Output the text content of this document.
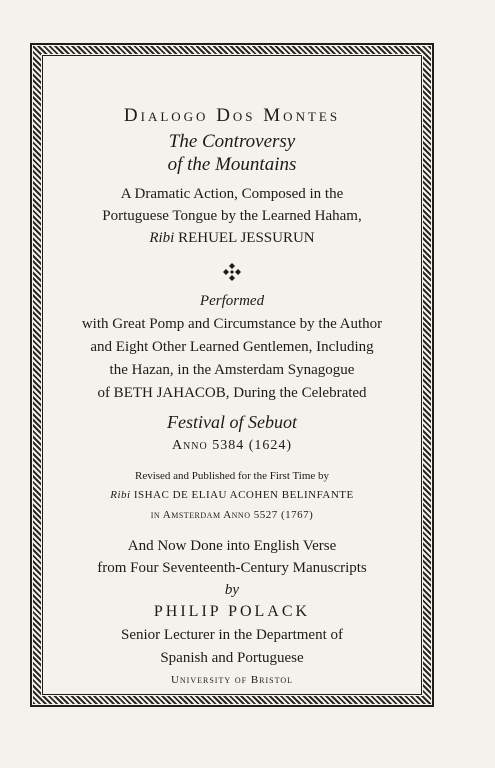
Dialogo Dos Montes
The Controversy
of the Mountains
A Dramatic Action, Composed in the
Portuguese Tongue by the Learned Haham,
Ribi REHUEL JESSURUN
Performed
with Great Pomp and Circumstance by the Author
and Eight Other Learned Gentlemen, Including
the Hazan, in the Amsterdam Synagogue
of BETH JAHACOB, During the Celebrated
Festival of Sebuot
Anno 5384 (1624)
Revised and Published for the First Time by
Ribi ISHAC DE ELIAU ACOHEN BELINFANTE
in Amsterdam Anno 5527 (1767)
And Now Done into English Verse
from Four Seventeenth-Century Manuscripts
by
PHILIP POLACK
Senior Lecturer in the Department of
Spanish and Portuguese
University of Bristol
